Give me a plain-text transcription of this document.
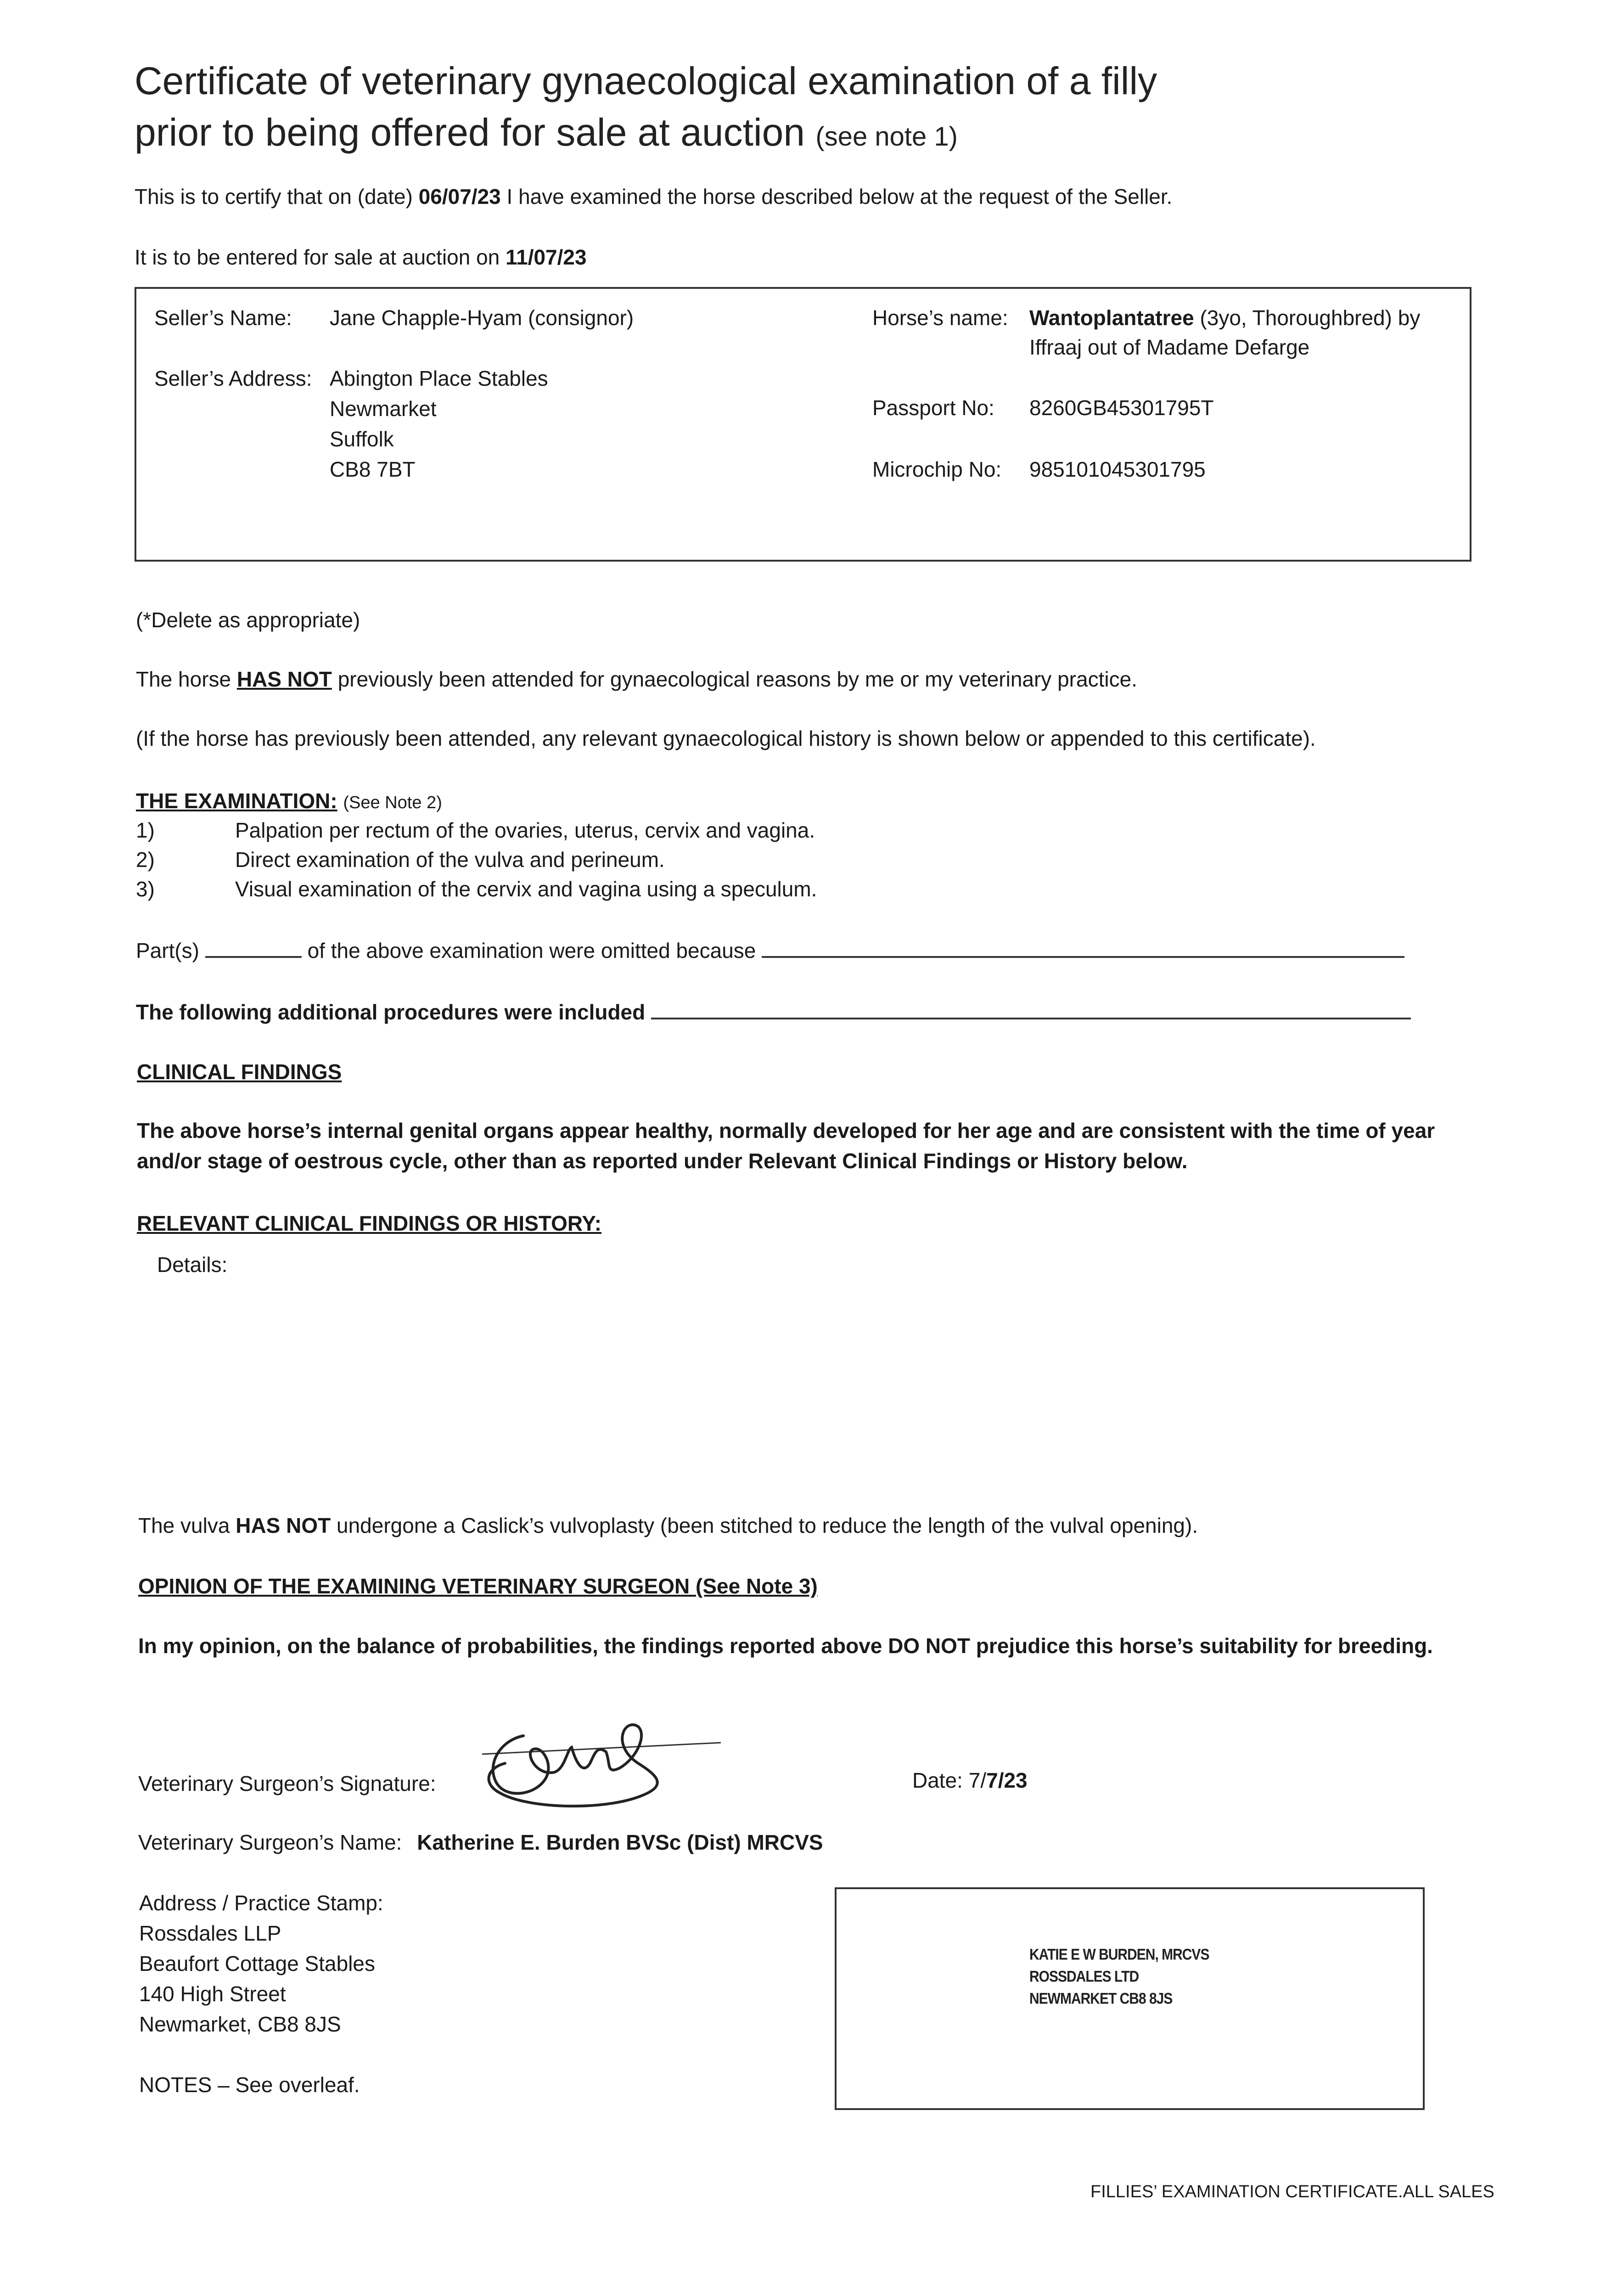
Certificate of veterinary gynaecological examination of a filly
prior to being offered for sale at auction (see note 1)
This is to certify that on (date) 06/07/23 I have examined the horse described below at the request of the Seller.
It is to be entered for sale at auction on 11/07/23
Seller’s Name: Jane Chapple-Hyam (consignor)
Seller’s Address: Abington Place Stables
Newmarket
Suffolk
CB8 7BT
Horse’s name: Wantoplantatree (3yo, Thoroughbred) by
Iffraaj out of Madame Defarge
Passport No: 8260GB45301795T
Microchip No: 985101045301795
(*Delete as appropriate)
The horse HAS NOT previously been attended for gynaecological reasons by me or my veterinary practice.
(If the horse has previously been attended, any relevant gynaecological history is shown below or appended to this certificate).
THE EXAMINATION: (See Note 2)
1)	Palpation per rectum of the ovaries, uterus, cervix and vagina.
2)	Direct examination of the vulva and perineum.
3)	Visual examination of the cervix and vagina using a speculum.
Part(s)	of the above examination were omitted because
The following additional procedures were included
CLINICAL FINDINGS
The above horse’s internal genital organs appear healthy, normally developed for her age and are consistent with the time of year
and/or stage of oestrous cycle, other than as reported under Relevant Clinical Findings or History below.
RELEVANT CLINICAL FINDINGS OR HISTORY:
Details:
The vulva HAS NOT undergone a Caslick’s vulvoplasty (been stitched to reduce the length of the vulval opening).
OPINION OF THE EXAMINING VETERINARY SURGEON (See Note 3)
In my opinion, on the balance of probabilities, the findings reported above DO NOT prejudice this horse’s suitability for breeding.
Veterinary Surgeon’s Signature:	Date: 7/7/23
Veterinary Surgeon’s Name: Katherine E. Burden BVSc (Dist) MRCVS
Address / Practice Stamp:
Rossdales LLP
Beaufort Cottage Stables
140 High Street
Newmarket, CB8 8JS
NOTES – See overleaf.
KATIE E W BURDEN, MRCVS
ROSSDALES LTD
NEWMARKET CB8 8JS
FILLIES’ EXAMINATION CERTIFICATE.ALL SALES
